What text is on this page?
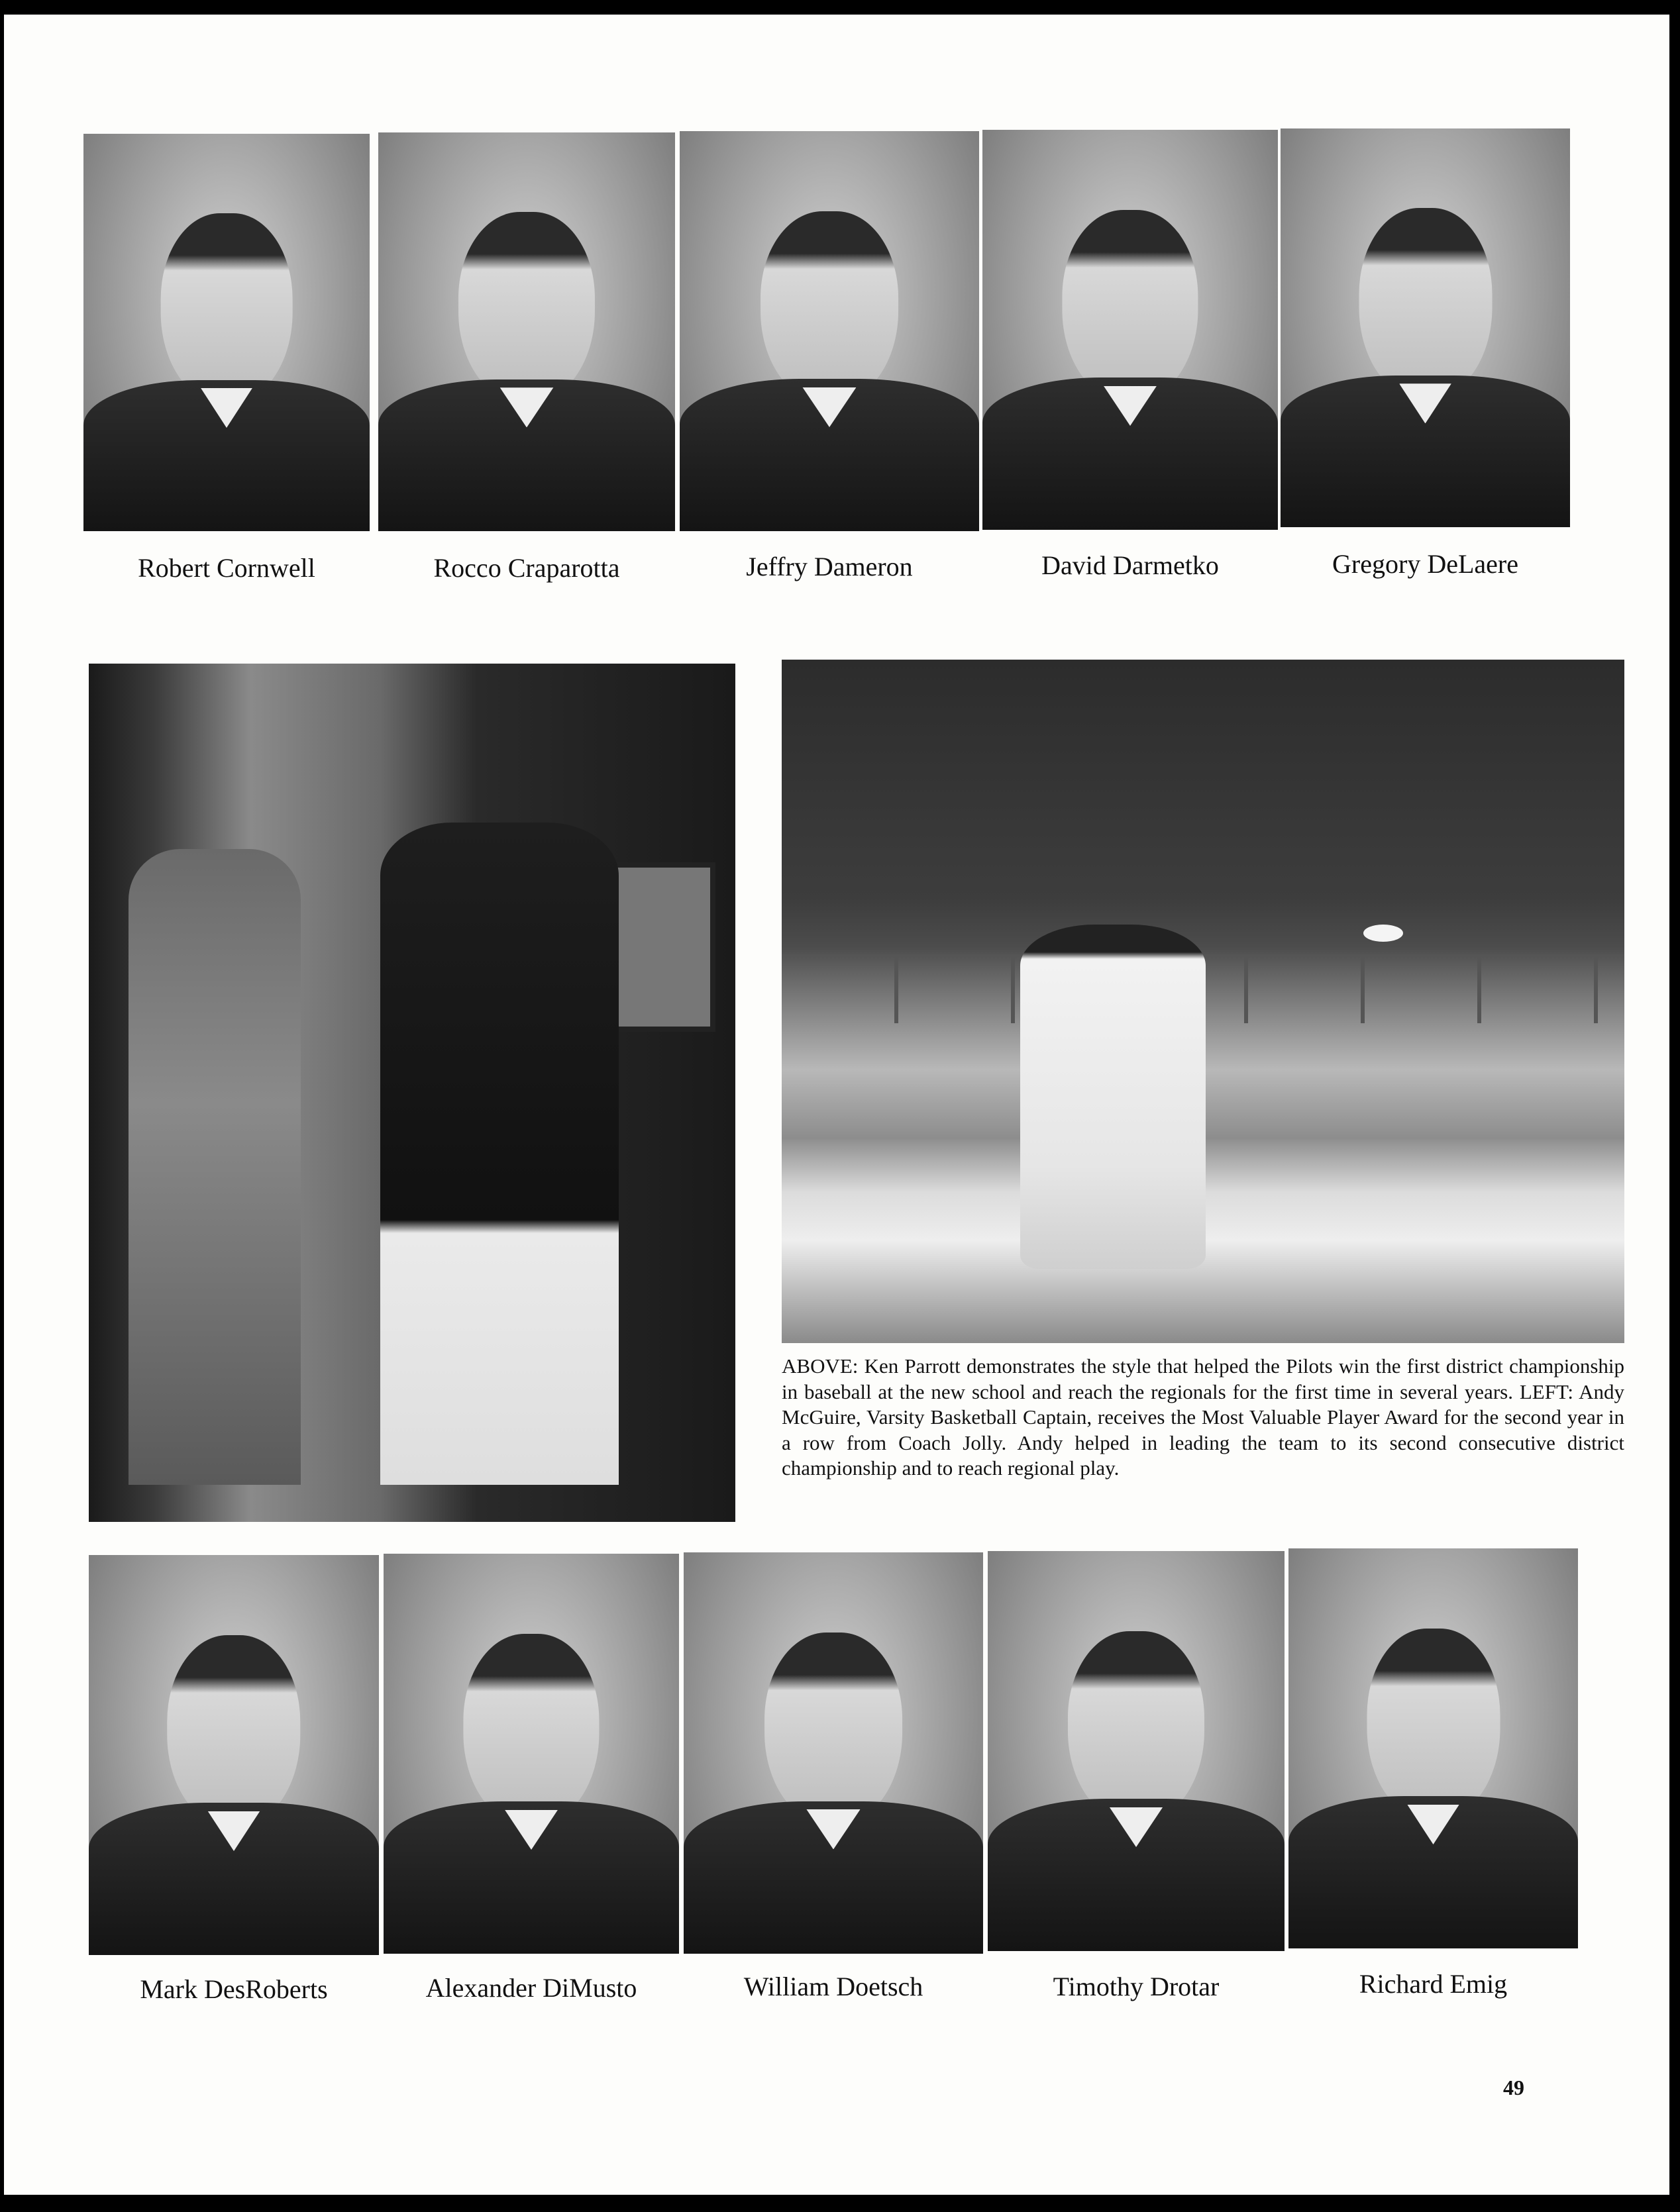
Robert Cornwell	Rocco Craparotta	Jeffry Dameron	David Darmetko	Gregory DeLaere
ABOVE: Ken Parrott demonstrates the style that helped the Pilots win the first district championship in baseball at the new school and reach the regionals for the first time in several years. LEFT: Andy McGuire, Varsity Basketball Captain, receives the Most Valuable Player Award for the second year in a row from Coach Jolly. Andy helped in leading the team to its second consecutive district championship and to reach regional play.
Mark DesRoberts	Alexander DiMusto	William Doetsch	Timothy Drotar	Richard Emig
49
